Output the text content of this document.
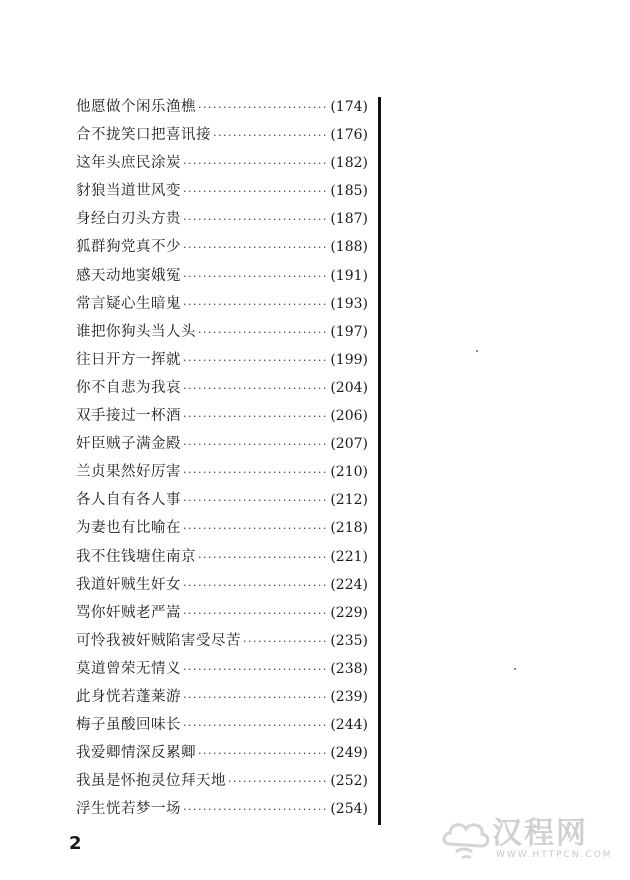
他愿做个闲乐渔樵 ·····	(174)
合不拢笑口把喜讯接 ·····	(176)
这年头庶民涂炭 ·····	(182)
豺狼当道世风变 ·····	(185)
身经白刃头方贵 ·····	(187)
狐群狗党真不少 ·····	(188)
感天动地窦娥冤 ·····	(191)
常言疑心生暗鬼 ·····	(193)
谁把你狗头当人头 ·····	(197)
往日开方一挥就 ·····	(199)
你不自悲为我哀 ·····	(204)
双手接过一杯酒 ·····	(206)
奸臣贼子满金殿 ·····	(207)
兰贞果然好厉害 ·····	(210)
各人自有各人事 ·····	(212)
为妻也有比喻在 ·····	(218)
我不住钱塘住南京 ·····	(221)
我道奸贼生奸女 ·····	(224)
骂你奸贼老严嵩 ·····	(229)
可怜我被奸贼陷害受尽苦 ·····	(235)
莫道曾荣无情义 ·····	(238)
此身恍若蓬莱游 ·····	(239)
梅子虽酸回味长 ·····	(244)
我爱卿情深反累卿 ·····	(249)
我虽是怀抱灵位拜天地 ·····	(252)
浮生恍若梦一场 ·····	(254)
2	汉程网
WWW.HTTPCN.COM
